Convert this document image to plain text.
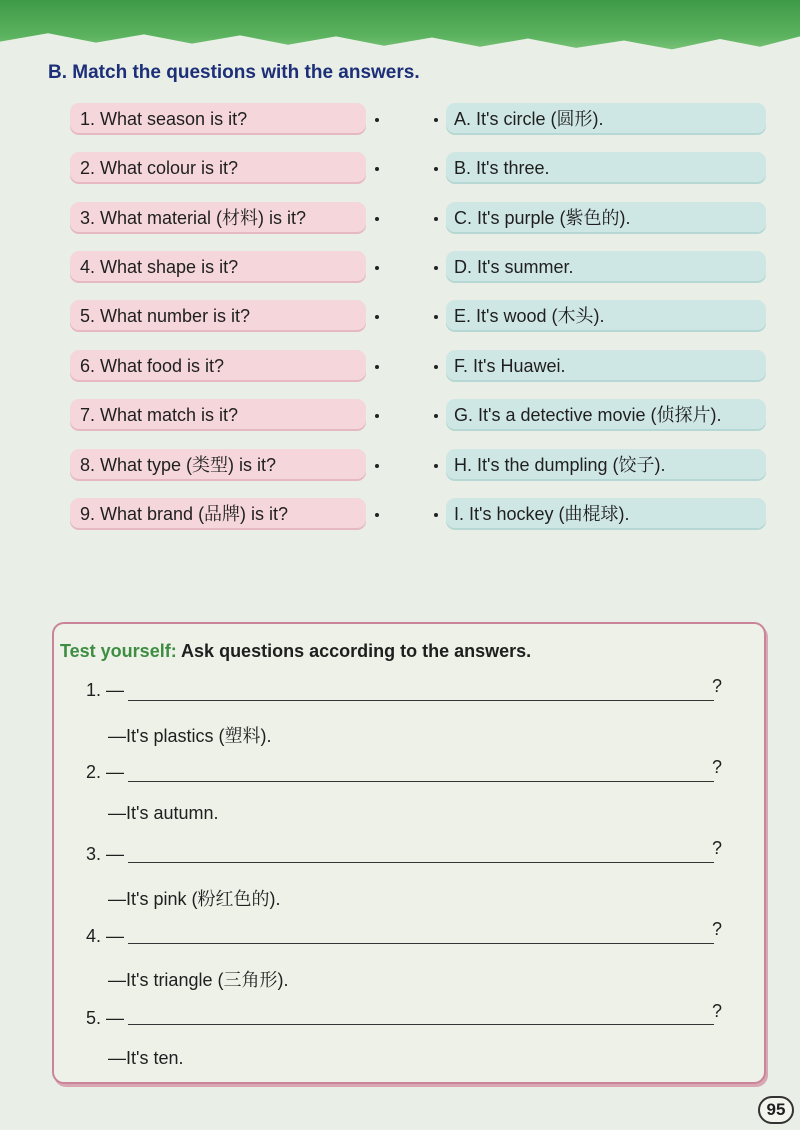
B. Match the questions with the answers.
1. What season is it?
2. What colour is it?
3. What material (材料) is it?
4. What shape is it?
5. What number is it?
6. What food is it?
7. What match is it?
8. What type (类型) is it?
9. What brand (品牌) is it?
A. It's circle (圆形).
B. It's three.
C. It's purple (紫色的).
D. It's summer.
E. It's wood (木头).
F. It's Huawei.
G. It's a detective movie (侦探片).
H. It's the dumpling (饺子).
I. It's hockey (曲棍球).

Test yourself: Ask questions according to the answers.

1. —	?
—It's plastics (塑料).
2. —	?
—It's autumn.
3. —	?
—It's pink (粉红色的).
4. —	?
—It's triangle (三角形).
5. —	?
—It's ten.
95
